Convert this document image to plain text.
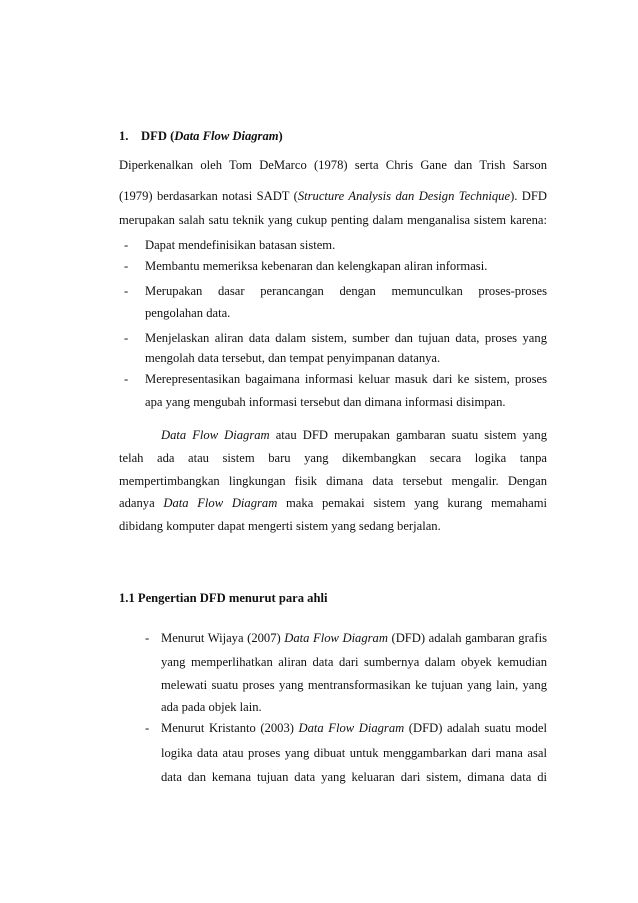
1. DFD (Data Flow Diagram)
Diperkenalkan oleh Tom DeMarco (1978) serta Chris Gane dan Trish Sarson
(1979) berdasarkan notasi SADT (Structure Analysis dan Design Technique). DFD
merupakan salah satu teknik yang cukup penting dalam menganalisa sistem karena:
- Dapat mendefinisikan batasan sistem.
- Membantu memeriksa kebenaran dan kelengkapan aliran informasi.
- Merupakan dasar perancangan dengan memunculkan proses-proses
pengolahan data.
- Menjelaskan aliran data dalam sistem, sumber dan tujuan data, proses yang
mengolah data tersebut, dan tempat penyimpanan datanya.
- Merepresentasikan bagaimana informasi keluar masuk dari ke sistem, proses
apa yang mengubah informasi tersebut dan dimana informasi disimpan.
Data Flow Diagram atau DFD merupakan gambaran suatu sistem yang
telah ada atau sistem baru yang dikembangkan secara logika tanpa
mempertimbangkan lingkungan fisik dimana data tersebut mengalir. Dengan
adanya Data Flow Diagram maka pemakai sistem yang kurang memahami
dibidang komputer dapat mengerti sistem yang sedang berjalan.
1.1 Pengertian DFD menurut para ahli
- Menurut Wijaya (2007) Data Flow Diagram (DFD) adalah gambaran grafis
yang memperlihatkan aliran data dari sumbernya dalam obyek kemudian
melewati suatu proses yang mentransformasikan ke tujuan yang lain, yang
ada pada objek lain.
- Menurut Kristanto (2003) Data Flow Diagram (DFD) adalah suatu model
logika data atau proses yang dibuat untuk menggambarkan dari mana asal
data dan kemana tujuan data yang keluaran dari sistem, dimana data di
